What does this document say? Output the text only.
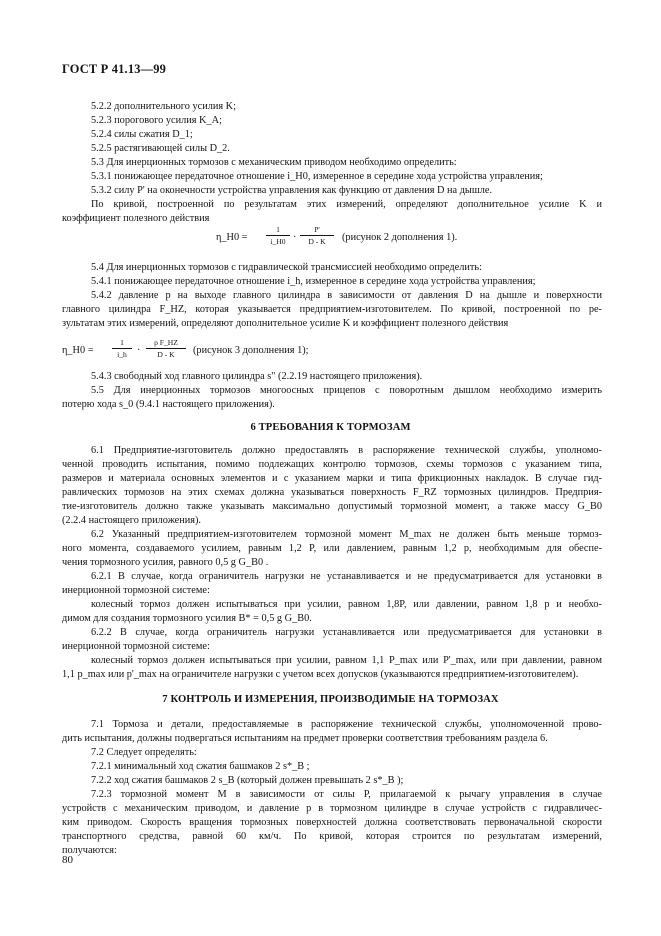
ГОСТ Р 41.13—99
5.2.2 дополнительного усилия K;
5.2.3 порогового усилия K_A;
5.2.4 силы сжатия D_1;
5.2.5 растягивающей силы D_2.
5.3 Для инерционных тормозов с механическим приводом необходимо определить:
5.3.1 понижающее передаточное отношение i_H0, измеренное в середине хода устройства управления;
5.3.2 силу P' на оконечности устройства управления как функцию от давления D на дышле.
По кривой, построенной по результатам этих измерений, определяют дополнительное усилие K и
коэффициент полезного действия
η_H0 = $\frac{1}{i\_H0} \cdot \frac{P'}{D - K}$ (рисунок 2 дополнения 1).
5.4 Для инерционных тормозов с гидравлической трансмиссией необходимо определить:
5.4.1 понижающее передаточное отношение i_h, измеренное в середине хода устройства управления;
5.4.2 давление p на выходе главного цилиндра в зависимости от давления D на дышле и поверхности
главного цилиндра F_HZ, которая указывается предприятием-изготовителем. По кривой, построенной по ре-
зультатам этих измерений, определяют дополнительное усилие K и коэффициент полезного действия
η_H0 = $\frac{1}{i\_h} \cdot \frac{\text{p F\_HZ}}{D - K}$ (рисунок 3 дополнения 1);
5.4.3 свободный ход главного цилиндра s" (2.2.19 настоящего приложения).
5.5 Для инерционных тормозов многоосных прицепов с поворотным дышлом необходимо измерить
потерю хода s_0 (9.4.1 настоящего приложения).
6 ТРЕБОВАНИЯ К ТОРМОЗАМ
6.1 Предприятие-изготовитель должно предоставлять в распоряжение технической службы, уполномо-
ченной проводить испытания, помимо подлежащих контролю тормозов, схемы тормозов с указанием типа,
размеров и материала основных элементов и с указанием марки и типа фрикционных накладок. В случае гид-
равлических тормозов на этих схемах должна указываться поверхность F_RZ тормозных цилиндров. Предприя-
тие-изготовитель должно также указывать максимально допустимый тормозной момент, а также массу G_B0
(2.2.4 настоящего приложения).
6.2 Указанный предприятием-изготовителем тормозной момент M_max не должен быть меньше тормоз-
ного момента, создаваемого усилием, равным 1,2 P, или давлением, равным 1,2 p, необходимым для обеспе-
чения тормозного усилия, равного 0,5 g G_B0 .
6.2.1 В случае, когда ограничитель нагрузки не устанавливается и не предусматривается для установки в
инерционной тормозной системе:
колесный тормоз должен испытываться при усилии, равном 1,8P, или давлении, равном 1,8 p и необхо-
димом для создания тормозного усилия B* = 0,5 g G_B0.
6.2.2 В случае, когда ограничитель нагрузки устанавливается или предусматривается для установки в
инерционной тормозной системе:
колесный тормоз должен испытываться при усилии, равном 1,1 P_max или P'_max, или при давлении, равном
1,1 p_max или p'_max на ограничителе нагрузки с учетом всех допусков (указываются предприятием-изготовителем).
7 КОНТРОЛЬ И ИЗМЕРЕНИЯ, ПРОИЗВОДИМЫЕ НА ТОРМОЗАХ
7.1 Тормоза и детали, предоставляемые в распоряжение технической службы, уполномоченной прово-
дить испытания, должны подвергаться испытаниям на предмет проверки соответствия требованиям раздела 6.
7.2 Следует определять:
7.2.1 минимальный ход сжатия башмаков 2 s*_B ;
7.2.2 ход сжатия башмаков 2 s_B (который должен превышать 2 s*_B );
7.2.3 тормозной момент M в зависимости от силы P, прилагаемой к рычагу управления в случае
устройств с механическим приводом, и давление p в тормозном цилиндре в случае устройств с гидравличес-
ким приводом. Скорость вращения тормозных поверхностей должна соответствовать первоначальной скорости
транспортного средства, равной 60 км/ч. По кривой, которая строится по результатам измерений,
получаются:
80
